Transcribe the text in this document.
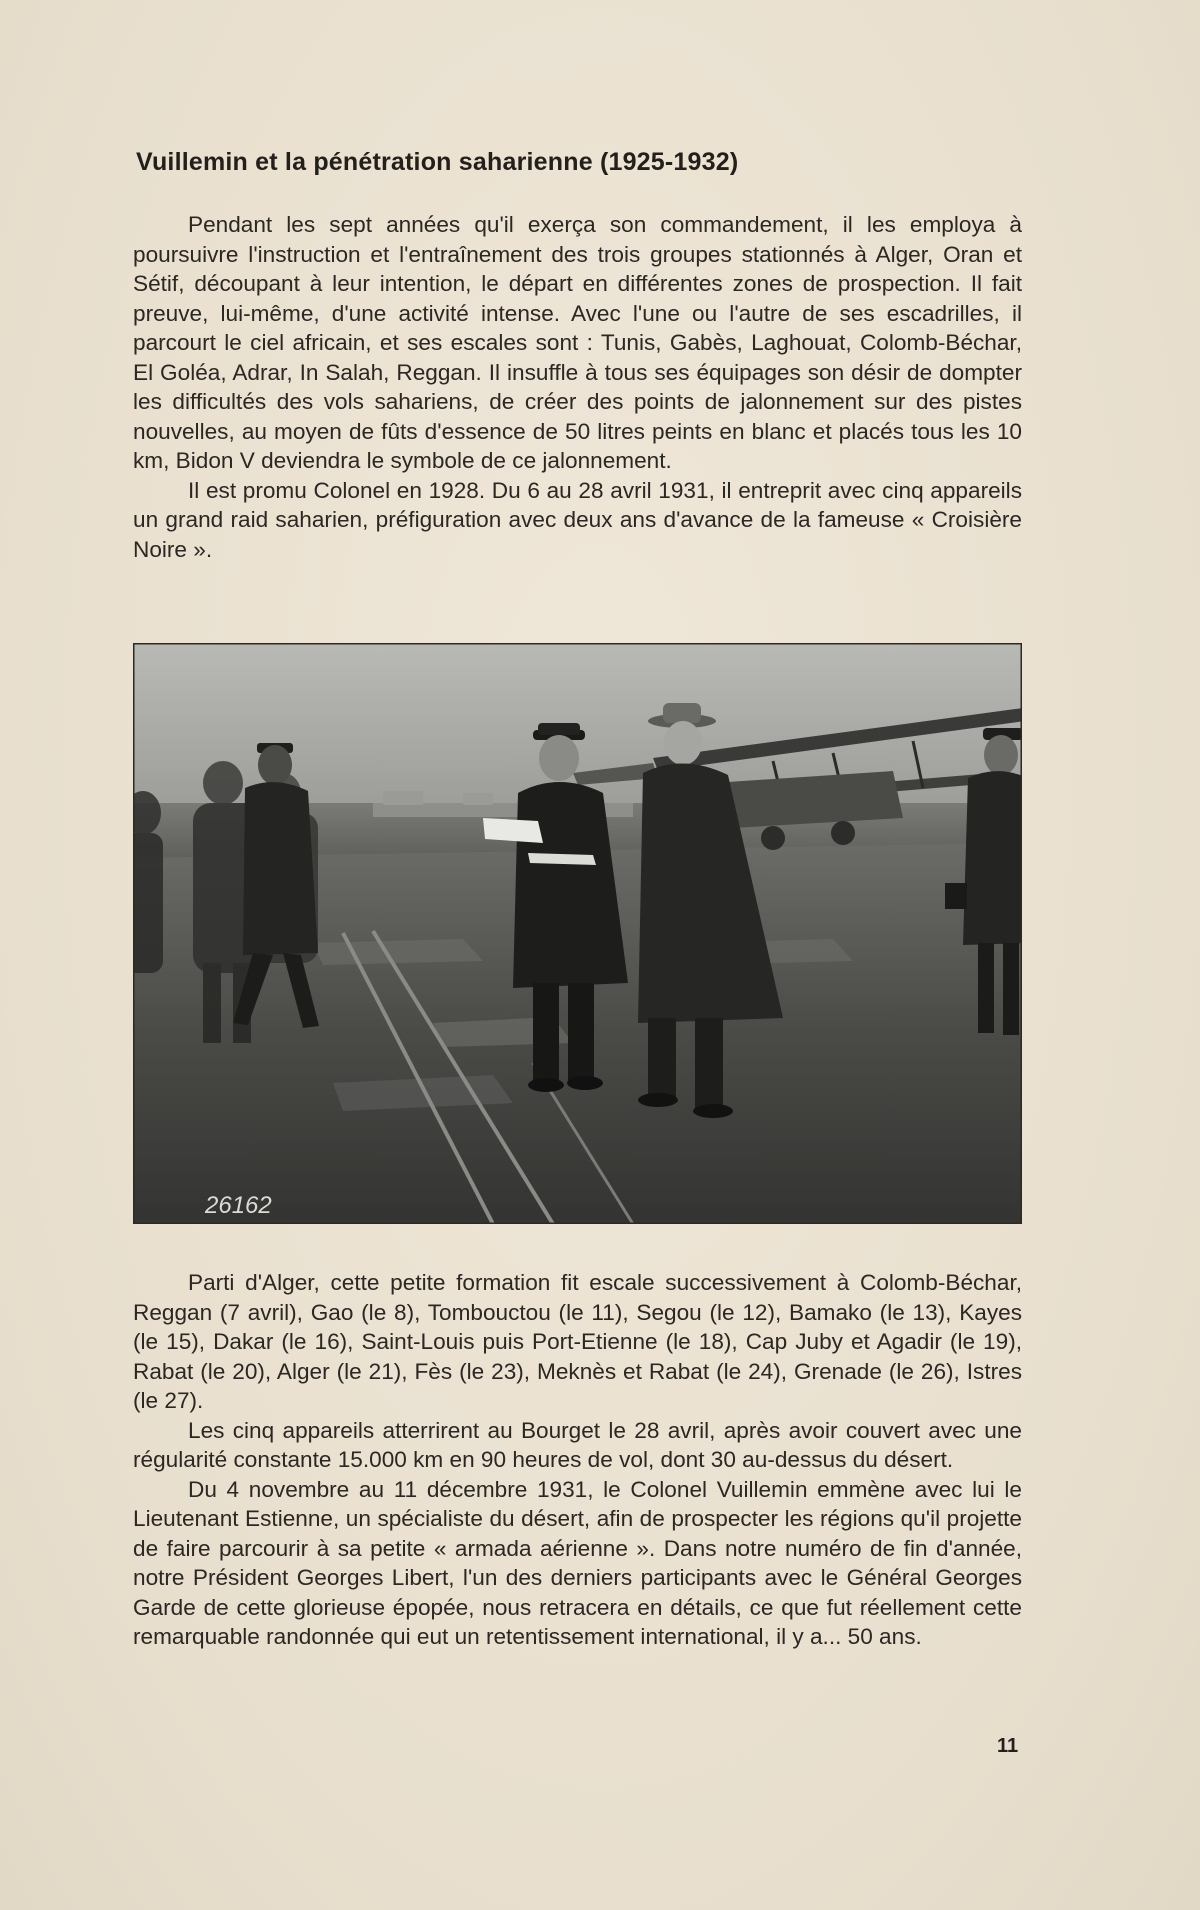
Vuillemin et la pénétration saharienne (1925-1932)

Pendant les sept années qu'il exerça son commandement, il les employa à poursuivre l'instruction et l'entraînement des trois groupes stationnés à Alger, Oran et Sétif, découpant à leur intention, le départ en différentes zones de prospection. Il fait preuve, lui-même, d'une activité intense. Avec l'une ou l'autre de ses escadrilles, il parcourt le ciel africain, et ses escales sont : Tunis, Gabès, Laghouat, Colomb-Béchar, El Goléa, Adrar, In Salah, Reggan. Il insuffle à tous ses équipages son désir de dompter les difficultés des vols sahariens, de créer des points de jalonnement sur des pistes nouvelles, au moyen de fûts d'essence de 50 litres peints en blanc et placés tous les 10 km, Bidon V deviendra le symbole de ce jalonnement.

Il est promu Colonel en 1928. Du 6 au 28 avril 1931, il entreprit avec cinq appareils un grand raid saharien, préfiguration avec deux ans d'avance de la fameuse « Croisière Noire ».

26162

Parti d'Alger, cette petite formation fit escale successivement à Colomb-Béchar, Reggan (7 avril), Gao (le 8), Tombouctou (le 11), Segou (le 12), Bamako (le 13), Kayes (le 15), Dakar (le 16), Saint-Louis puis Port-Etienne (le 18), Cap Juby et Agadir (le 19), Rabat (le 20), Alger (le 21), Fès (le 23), Meknès et Rabat (le 24), Grenade (le 26), Istres (le 27).

Les cinq appareils atterrirent au Bourget le 28 avril, après avoir couvert avec une régularité constante 15.000 km en 90 heures de vol, dont 30 au-dessus du désert.

Du 4 novembre au 11 décembre 1931, le Colonel Vuillemin emmène avec lui le Lieutenant Estienne, un spécialiste du désert, afin de prospecter les régions qu'il projette de faire parcourir à sa petite « armada aérienne ». Dans notre numéro de fin d'année, notre Président Georges Libert, l'un des derniers participants avec le Général Georges Garde de cette glorieuse épopée, nous retracera en détails, ce que fut réellement cette remarquable randonnée qui eut un retentissement international, il y a... 50 ans.

11
